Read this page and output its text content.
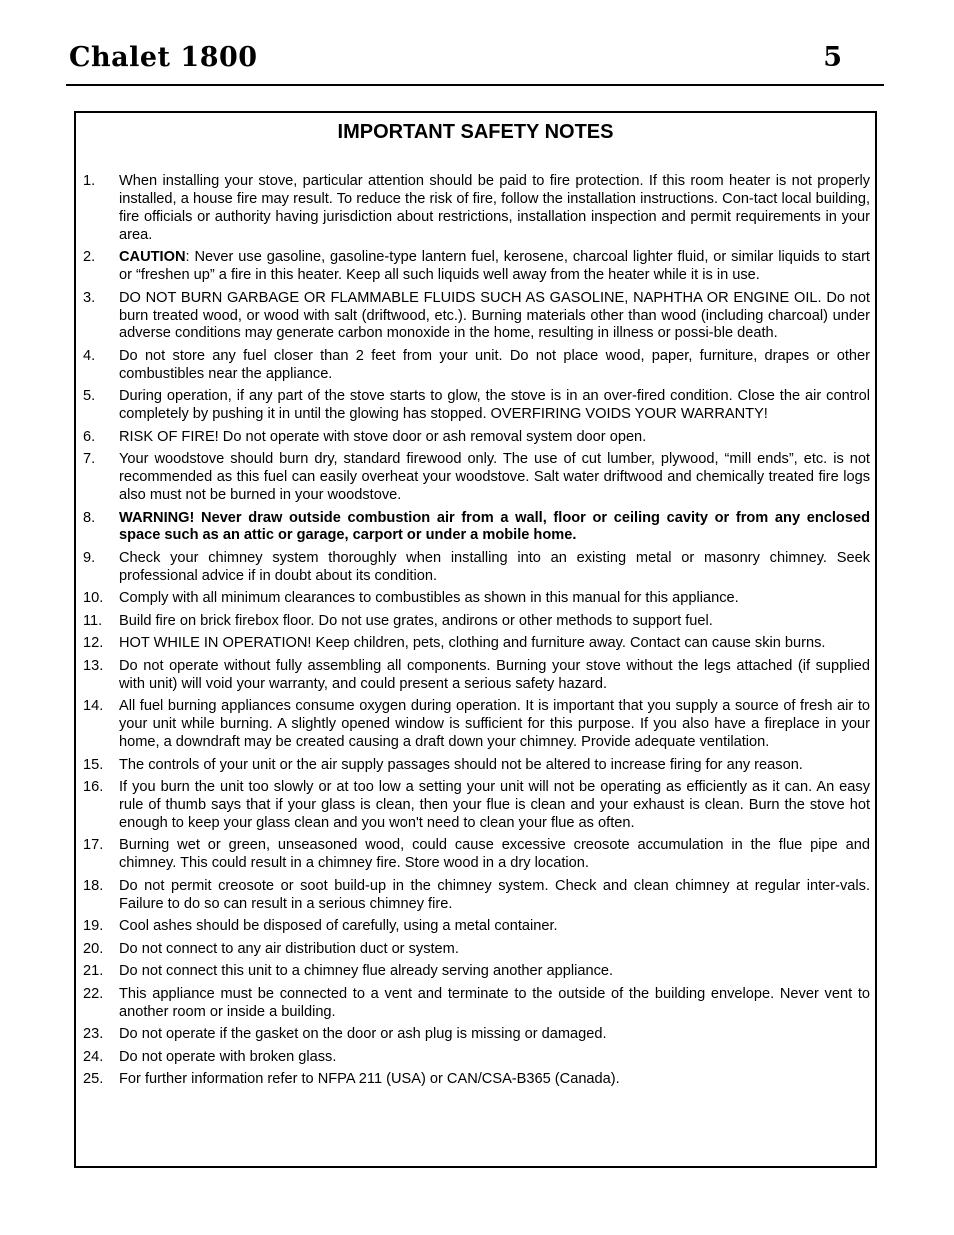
Chalet 1800	5
IMPORTANT SAFETY NOTES
1.	When installing your stove, particular attention should be paid to fire protection. If this room heater is not properly installed, a house fire may result. To reduce the risk of fire, follow the installation instructions. Con-tact local building, fire officials or authority having jurisdiction about restrictions, installation inspection and permit requirements in your area.
2.	CAUTION: Never use gasoline, gasoline-type lantern fuel, kerosene, charcoal lighter fluid, or similar liquids to start or “freshen up” a fire in this heater. Keep all such liquids well away from the heater while it is in use.
3.	DO NOT BURN GARBAGE OR FLAMMABLE FLUIDS SUCH AS GASOLINE, NAPHTHA OR ENGINE OIL. Do not burn treated wood, or wood with salt (driftwood, etc.). Burning materials other than wood (including charcoal) under adverse conditions may generate carbon monoxide in the home, resulting in illness or possi-ble death.
4.	Do not store any fuel closer than 2 feet from your unit. Do not place wood, paper, furniture, drapes or other combustibles near the appliance.
5.	During operation, if any part of the stove starts to glow, the stove is in an over-fired condition. Close the air control completely by pushing it in until the glowing has stopped. OVERFIRING VOIDS YOUR WARRANTY!
6.	RISK OF FIRE! Do not operate with stove door or ash removal system door open.
7.	Your woodstove should burn dry, standard firewood only. The use of cut lumber, plywood, “mill ends”, etc. is not recommended as this fuel can easily overheat your woodstove. Salt water driftwood and chemically treated fire logs also must not be burned in your woodstove.
8.	WARNING! Never draw outside combustion air from a wall, floor or ceiling cavity or from any enclosed space such as an attic or garage, carport or under a mobile home.
9.	Check your chimney system thoroughly when installing into an existing metal or masonry chimney. Seek professional advice if in doubt about its condition.
10.	Comply with all minimum clearances to combustibles as shown in this manual for this appliance.
11.	Build fire on brick firebox floor. Do not use grates, andirons or other methods to support fuel.
12.	HOT WHILE IN OPERATION! Keep children, pets, clothing and furniture away. Contact can cause skin burns.
13.	Do not operate without fully assembling all components. Burning your stove without the legs attached (if supplied with unit) will void your warranty, and could present a serious safety hazard.
14.	All fuel burning appliances consume oxygen during operation. It is important that you supply a source of fresh air to your unit while burning. A slightly opened window is sufficient for this purpose. If you also have a fireplace in your home, a downdraft may be created causing a draft down your chimney. Provide adequate ventilation.
15.	The controls of your unit or the air supply passages should not be altered to increase firing for any reason.
16.	If you burn the unit too slowly or at too low a setting your unit will not be operating as efficiently as it can. An easy rule of thumb says that if your glass is clean, then your flue is clean and your exhaust is clean. Burn the stove hot enough to keep your glass clean and you won't need to clean your flue as often.
17.	Burning wet or green, unseasoned wood, could cause excessive creosote accumulation in the flue pipe and chimney. This could result in a chimney fire. Store wood in a dry location.
18.	Do not permit creosote or soot build-up in the chimney system. Check and clean chimney at regular inter-vals. Failure to do so can result in a serious chimney fire.
19.	Cool ashes should be disposed of carefully, using a metal container.
20.	Do not connect to any air distribution duct or system.
21.	Do not connect this unit to a chimney flue already serving another appliance.
22.	This appliance must be connected to a vent and terminate to the outside of the building envelope. Never vent to another room or inside a building.
23.	Do not operate if the gasket on the door or ash plug is missing or damaged.
24.	Do not operate with broken glass.
25.	For further information refer to NFPA 211 (USA) or CAN/CSA-B365 (Canada).
